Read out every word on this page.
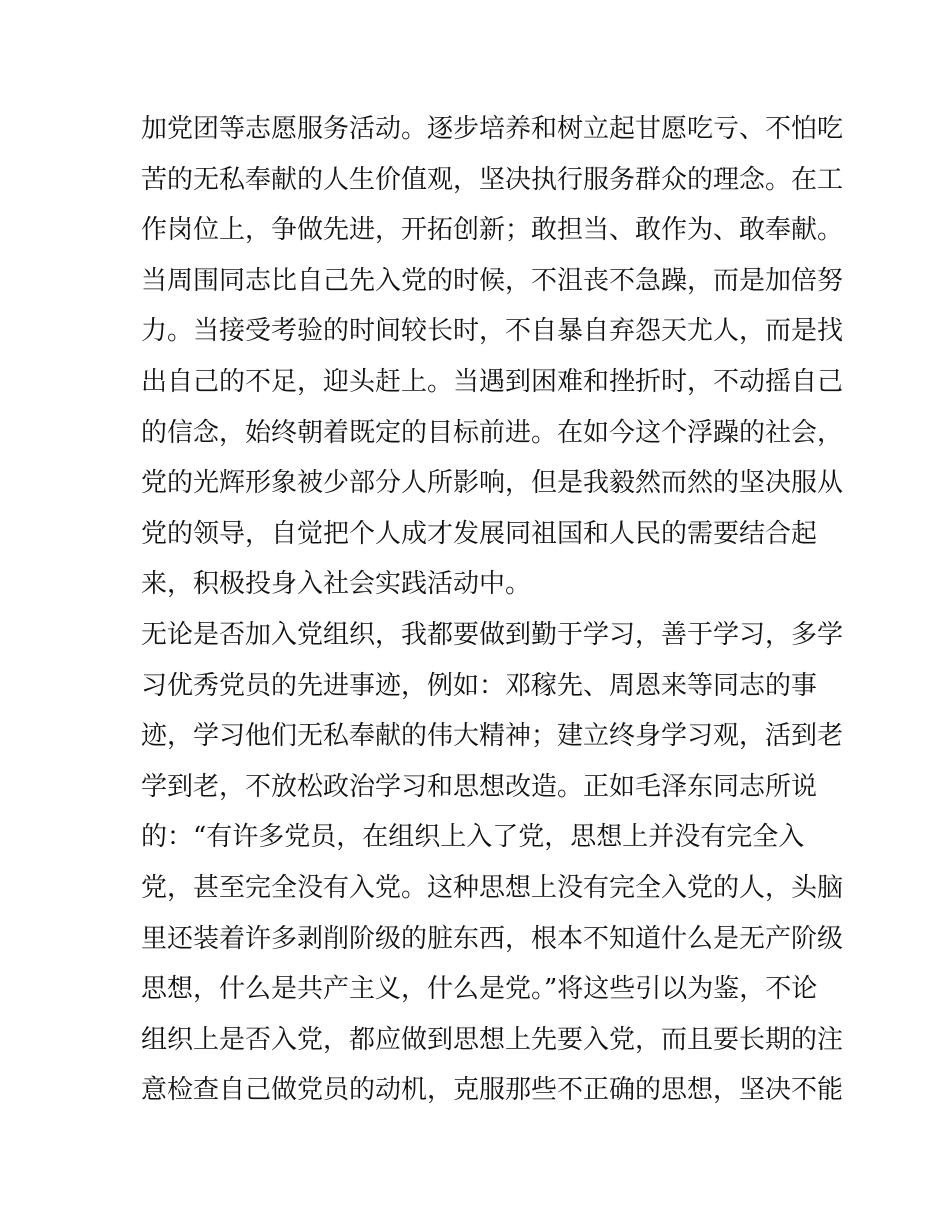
加党团等志愿服务活动。逐步培养和树立起甘愿吃亏、不怕吃
苦的无私奉献的人生价值观，坚决执行服务群众的理念。在工
作岗位上，争做先进，开拓创新；敢担当、敢作为、敢奉献。
当周围同志比自己先入党的时候，不沮丧不急躁，而是加倍努
力。当接受考验的时间较长时，不自暴自弃怨天尤人，而是找
出自己的不足，迎头赶上。当遇到困难和挫折时，不动摇自己
的信念，始终朝着既定的目标前进。在如今这个浮躁的社会，
党的光辉形象被少部分人所影响，但是我毅然而然的坚决服从
党的领导，自觉把个人成才发展同祖国和人民的需要结合起
来，积极投身入社会实践活动中。
无论是否加入党组织，我都要做到勤于学习，善于学习，多学
习优秀党员的先进事迹，例如：邓稼先、周恩来等同志的事
迹，学习他们无私奉献的伟大精神；建立终身学习观，活到老
学到老，不放松政治学习和思想改造。正如毛泽东同志所说
的：“有许多党员，在组织上入了党，思想上并没有完全入
党，甚至完全没有入党。这种思想上没有完全入党的人，头脑
里还装着许多剥削阶级的脏东西，根本不知道什么是无产阶级
思想，什么是共产主义，什么是党。”将这些引以为鉴，不论
组织上是否入党，都应做到思想上先要入党，而且要长期的注
意检查自己做党员的动机，克服那些不正确的思想，坚决不能
